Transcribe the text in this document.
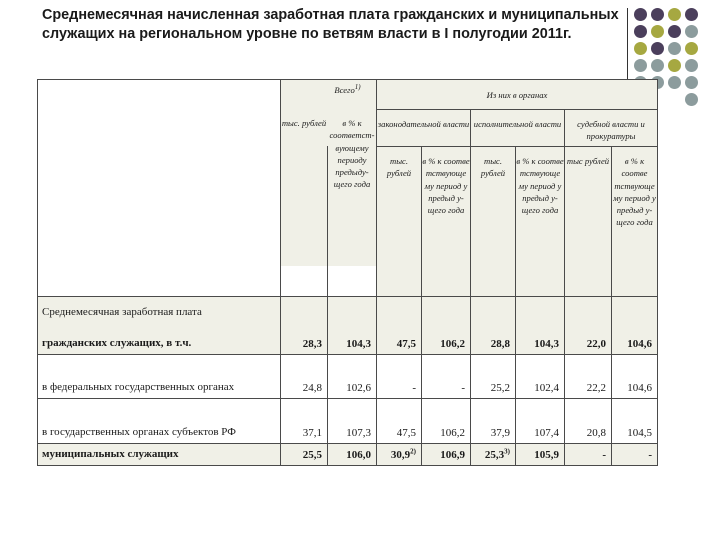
Среднемесячная начисленная заработная плата гражданских и муниципальных служащих на региональном уровне по ветвям власти в I полугодии 2011г.
	Всего$^{1)}$		Из них в органах					
			законодательной власти		исполнительной власти		судебной власти и прокуратуры	
	тыс. рублей	в % к соответствующему периоду предыдущего года	тыс. рублей	в % к соотве тствующе му период у предыд ущего года	тыс. рублей	в % к соотве тствующе му период у предыд ущего года	тыс рублей	в % к соотве тствующе му период у предыд ущего года

Среднемесячная заработная плата
гражданских служащих, в т.ч.	28,3	104,3	47,5	106,2	28,8	104,3	22,0	104,6
в федеральных государственных органах	24,8	102,6	-	-	25,2	102,4	22,2	104,6
в государственных органах субъектов РФ	37,1	107,3	47,5	106,2	37,9	107,4	20,8	104,5
муниципальных служащих	25,5	106,0	30,9$^{2)}$	106,9	25,3$^{3)}$	105,9	-	-
